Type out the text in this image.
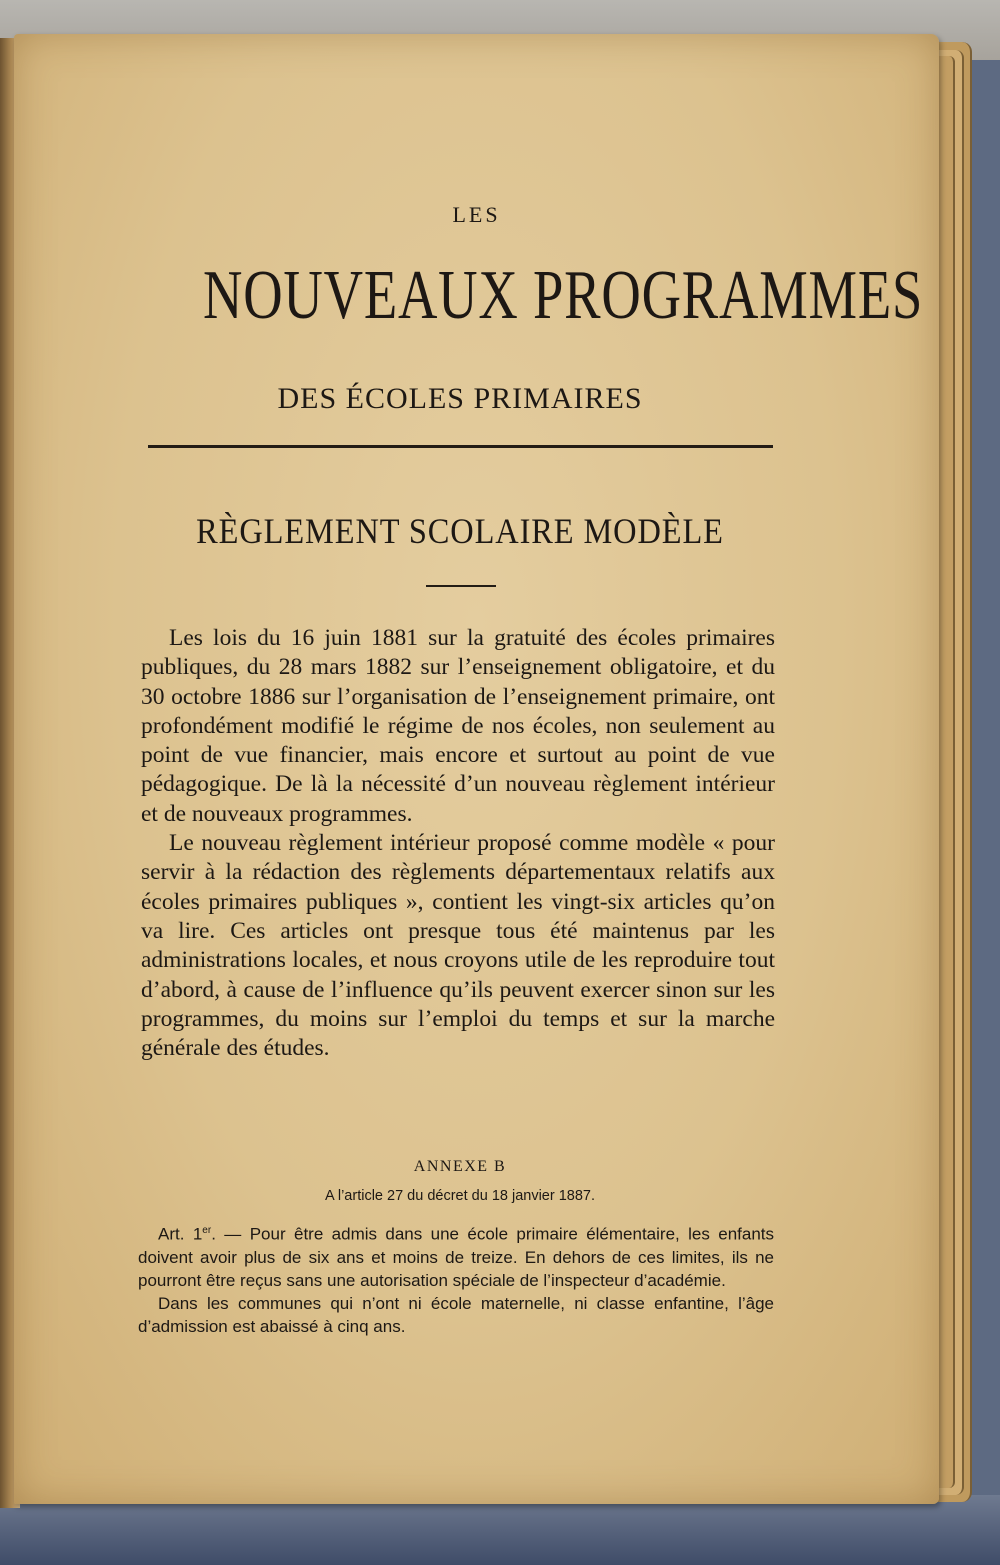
LES
NOUVEAUX PROGRAMMES
DES ÉCOLES PRIMAIRES
RÈGLEMENT SCOLAIRE MODÈLE

Les lois du 16 juin 1881 sur la gratuité des écoles primaires publiques, du 28 mars 1882 sur l’enseignement obligatoire, et du 30 octobre 1886 sur l’organisation de l’enseignement primaire, ont profondément modifié le régime de nos écoles, non seulement au point de vue financier, mais encore et surtout au point de vue pédagogique. De là la nécessité d’un nouveau règlement intérieur et de nouveaux programmes.

Le nouveau règlement intérieur proposé comme modèle « pour servir à la rédaction des règlements départementaux relatifs aux écoles primaires publiques », contient les vingt-six articles qu’on va lire. Ces articles ont presque tous été maintenus par les administrations locales, et nous croyons utile de les reproduire tout d’abord, à cause de l’influence qu’ils peuvent exercer sinon sur les programmes, du moins sur l’emploi du temps et sur la marche générale des études.

ANNEXE B
A l’article 27 du décret du 18 janvier 1887.

Art. 1er. — Pour être admis dans une école primaire élémentaire, les enfants doivent avoir plus de six ans et moins de treize. En dehors de ces limites, ils ne pourront être reçus sans une autorisation spéciale de l’inspecteur d’académie.

Dans les communes qui n’ont ni école maternelle, ni classe enfantine, l’âge d’admission est abaissé à cinq ans.
